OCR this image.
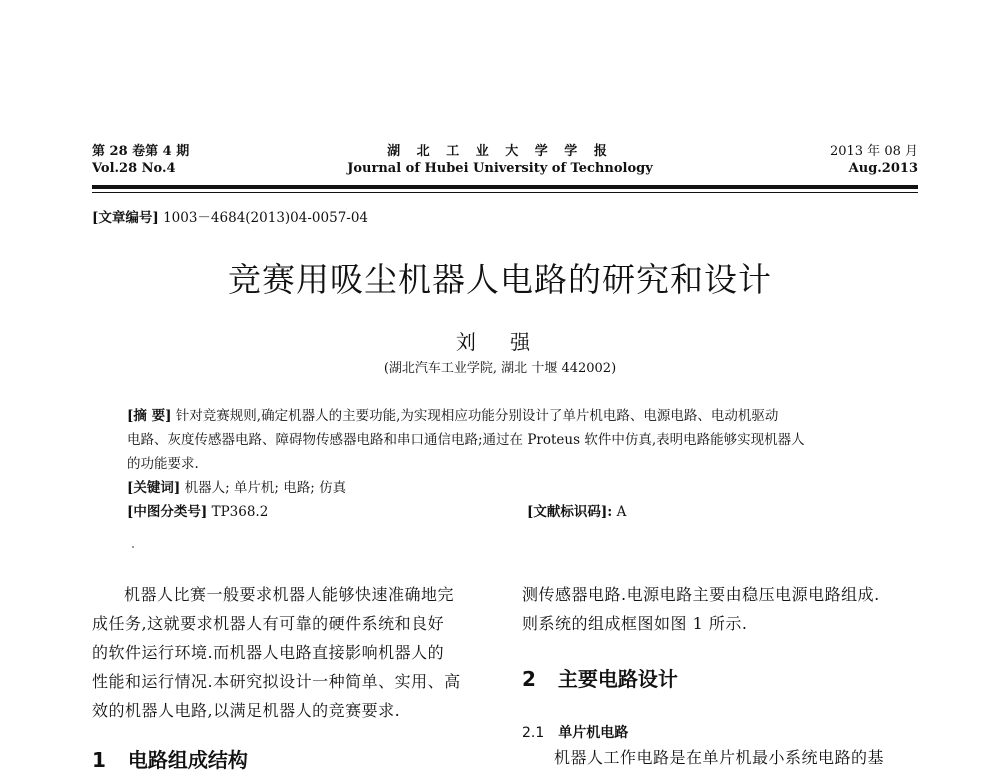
第 28 卷第 4 期
Vol.28 No.4
湖 北 工 业 大 学 学 报
Journal of Hubei University of Technology
2013 年 08 月
Aug.2013
[文章编号] 1003－4684(2013)04-0057-04
竞赛用吸尘机器人电路的研究和设计
刘 强
(湖北汽车工业学院, 湖北 十堰 442002)
[摘 要] 针对竞赛规则,确定机器人的主要功能,为实现相应功能分别设计了单片机电路、电源电路、电动机驱动
电路、灰度传感器电路、障碍物传感器电路和串口通信电路;通过在 Proteus 软件中仿真,表明电路能够实现机器人
的功能要求.
[关键词] 机器人; 单片机; 电路; 仿真
[中图分类号] TP368.2	[文献标识码]: A
机器人比赛一般要求机器人能够快速准确地完
成任务,这就要求机器人有可靠的硬件系统和良好
的软件运行环境.而机器人电路直接影响机器人的
性能和运行情况.本研究拟设计一种简单、实用、高
效的机器人电路,以满足机器人的竞赛要求.
1 电路组成结构
测传感器电路.电源电路主要由稳压电源电路组成.
则系统的组成框图如图 1 所示.
2 主要电路设计
2.1 单片机电路
机器人工作电路是在单片机最小系统电路的基
